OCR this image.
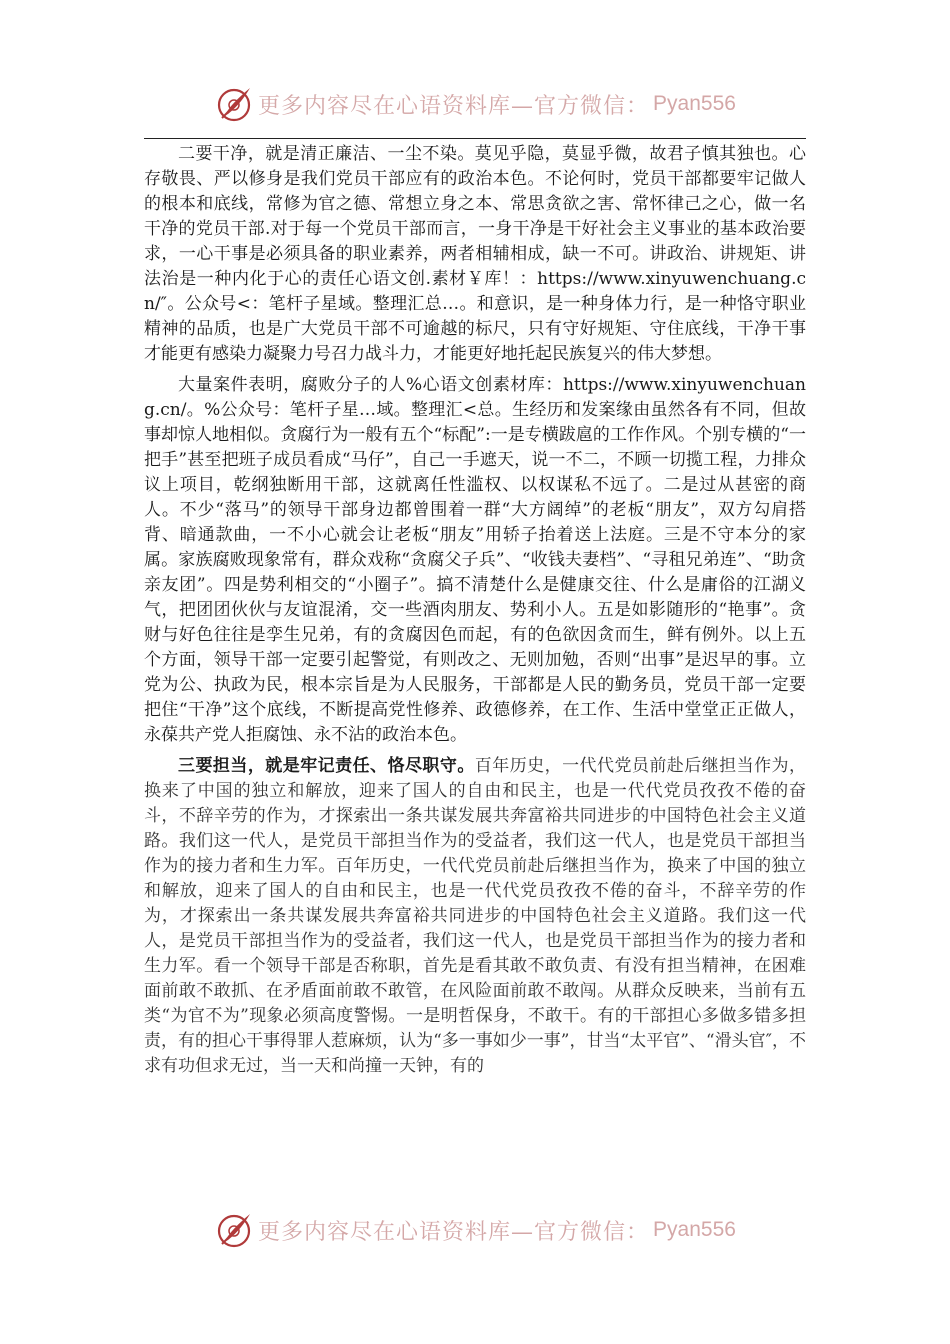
更多内容尽在心语资料库—官方微信： Pyan556

二要干净，就是清正廉洁、一尘不染。莫见乎隐，莫显乎微，故君子慎其独也。心存敬畏、严以修身是我们党员干部应有的政治本色。不论何时，党员干部都要牢记做人的根本和底线，常修为官之德、常想立身之本、常思贪欲之害、常怀律己之心，做一名干净的党员干部.对于每一个党员干部而言，一身干净是干好社会主义事业的基本政治要求，一心干事是必须具备的职业素养，两者相辅相成，缺一不可。讲政治、讲规矩、讲法治是一种内化于心的责任心语文创.素材￥库！：https://www.xinyuwenchuang.cn/″。公众号<：笔杆子星域。整理汇总…。和意识，是一种身体力行，是一种恪守职业精神的品质，也是广大党员干部不可逾越的标尺，只有守好规矩、守住底线，干净干事才能更有感染力凝聚力号召力战斗力，才能更好地托起民族复兴的伟大梦想。

大量案件表明，腐败分子的人%心语文创素材库：https://www.xinyuwenchuang.cn/。%公众号：笔杆子星…域。整理汇<总。生经历和发案缘由虽然各有不同，但故事却惊人地相似。贪腐行为一般有五个“标配”:一是专横跋扈的工作作风。个别专横的“一把手”甚至把班子成员看成“马仔”，自己一手遮天，说一不二，不顾一切揽工程，力排众议上项目，乾纲独断用干部，这就离任性滥权、以权谋私不远了。二是过从甚密的商人。不少“落马”的领导干部身边都曾围着一群“大方阔绰”的老板“朋友”，双方勾肩搭背、暗通款曲，一不小心就会让老板“朋友”用轿子抬着送上法庭。三是不守本分的家属。家族腐败现象常有，群众戏称“贪腐父子兵”、“收钱夫妻档”、“寻租兄弟连”、“助贪亲友团”。四是势利相交的“小圈子”。搞不清楚什么是健康交往、什么是庸俗的江湖义气，把团团伙伙与友谊混淆，交一些酒肉朋友、势利小人。五是如影随形的“艳事”。贪财与好色往往是孪生兄弟，有的贪腐因色而起，有的色欲因贪而生，鲜有例外。以上五个方面，领导干部一定要引起警觉，有则改之、无则加勉，否则“出事”是迟早的事。立党为公、执政为民，根本宗旨是为人民服务，干部都是人民的勤务员，党员干部一定要把住“干净”这个底线，不断提高党性修养、政德修养，在工作、生活中堂堂正正做人，永葆共产党人拒腐蚀、永不沾的政治本色。

三要担当，就是牢记责任、恪尽职守。百年历史，一代代党员前赴后继担当作为，换来了中国的独立和解放，迎来了国人的自由和民主，也是一代代党员孜孜不倦的奋斗，不辞辛劳的作为，才探索出一条共谋发展共奔富裕共同进步的中国特色社会主义道路。我们这一代人，是党员干部担当作为的受益者，我们这一代人，也是党员干部担当作为的接力者和生力军。百年历史，一代代党员前赴后继担当作为，换来了中国的独立和解放，迎来了国人的自由和民主，也是一代代党员孜孜不倦的奋斗，不辞辛劳的作为，才探索出一条共谋发展共奔富裕共同进步的中国特色社会主义道路。我们这一代人，是党员干部担当作为的受益者，我们这一代人，也是党员干部担当作为的接力者和生力军。看一个领导干部是否称职，首先是看其敢不敢负责、有没有担当精神，在困难面前敢不敢抓、在矛盾面前敢不敢管，在风险面前敢不敢闯。从群众反映来，当前有五类“为官不为”现象必须高度警惕。一是明哲保身，不敢干。有的干部担心多做多错多担责，有的担心干事得罪人惹麻烦，认为“多一事如少一事”，甘当“太平官”、“滑头官″，不求有功但求无过，当一天和尚撞一天钟，有的

更多内容尽在心语资料库—官方微信： Pyan556
